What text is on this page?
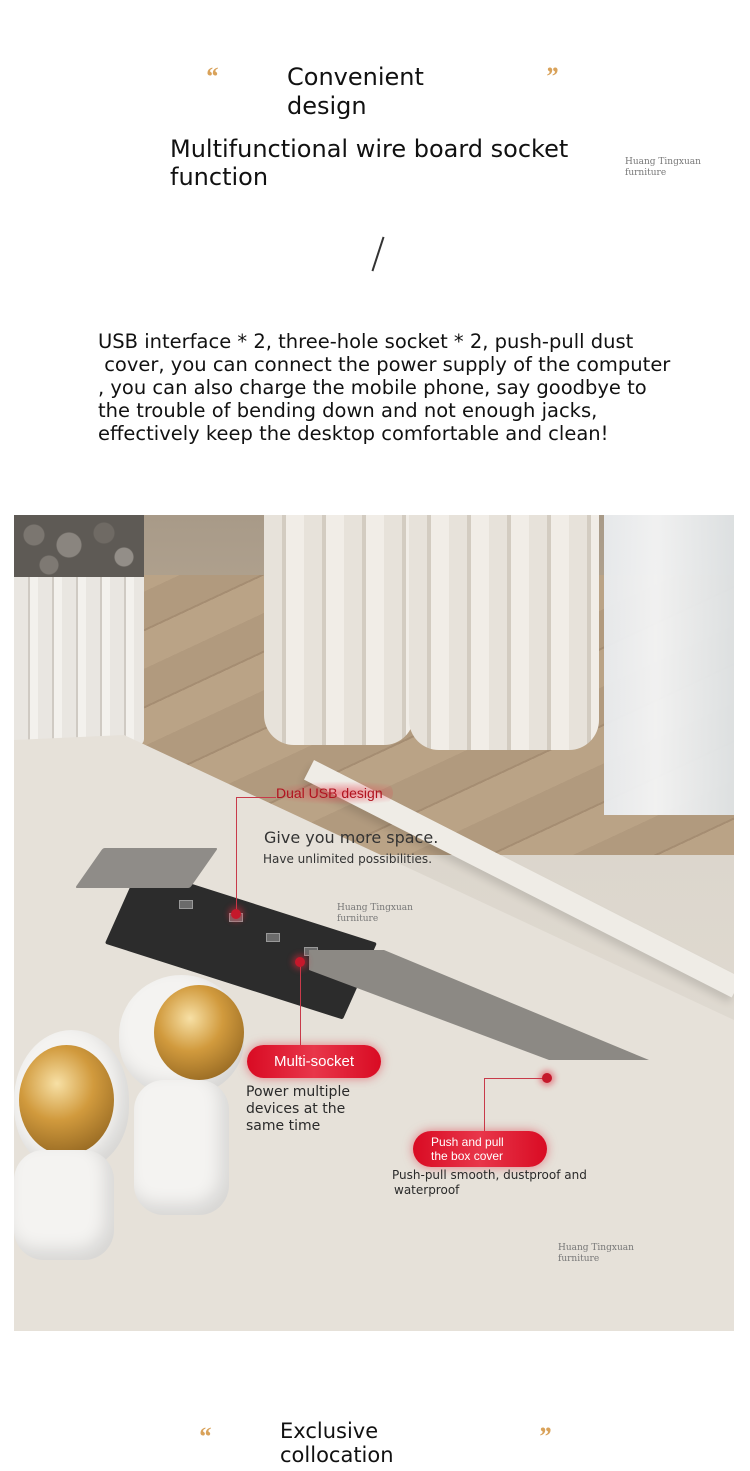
“	”
Convenient
design
Multifunctional wire board socket
function
Huang Tingxuan
furniture
USB interface * 2, three-hole socket * 2, push-pull dust
cover, you can connect the power supply of the computer
, you can also charge the mobile phone, say goodbye to
the trouble of bending down and not enough jacks,
effectively keep the desktop comfortable and clean!
Dual USB design
Give you more space.
Have unlimited possibilities.
Huang Tingxuan
furniture
Multi-socket
Power multiple
devices at the
same time
Push and pull
the box cover
Push-pull smooth, dustproof and
waterproof
Huang Tingxuan
furniture
“	”
Exclusive
collocation
